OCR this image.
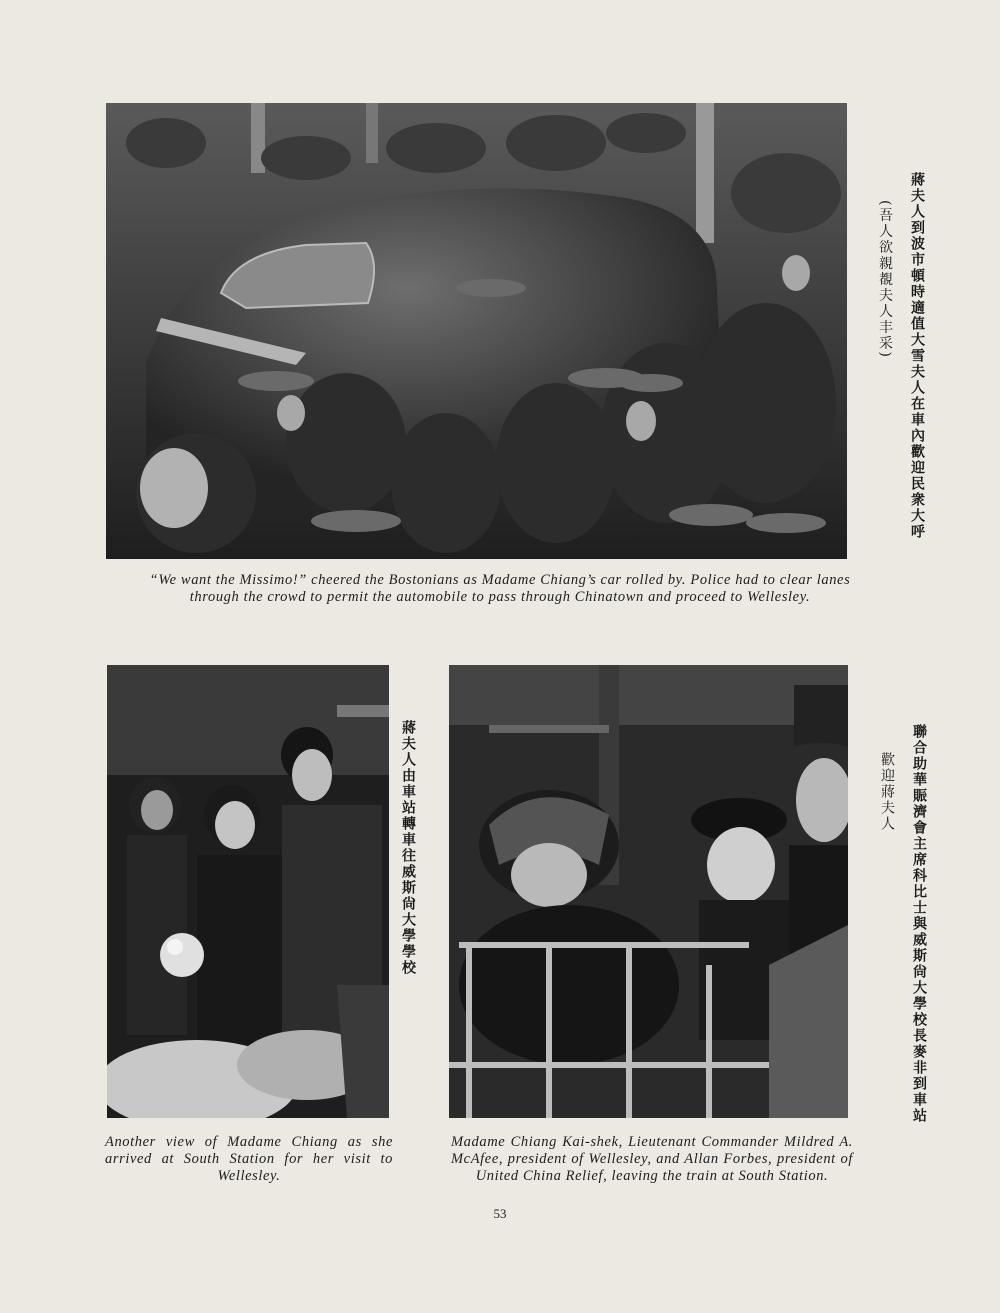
蔣夫人到波市頓時適值大雪夫人在車內歡迎民衆大呼
(吾人欲親覩夫人丰采)
“We want the Missimo!” cheered the Bostonians as Madame Chiang’s car rolled by. Police had to clear lanes
through the crowd to permit the automobile to pass through Chinatown and proceed to Wellesley.
蔣夫人由車站轉車往威斯尙大學學校
Another view of Madame Chiang as she arrived at South Station for her visit to Wellesley.
聯合助華賑濟會主席科比士與威斯尙大學校長麥非到車站
歡迎蔣夫人
Madame Chiang Kai-shek, Lieutenant Commander Mildred A. McAfee, president of Wellesley, and Allan Forbes, president of United China Relief, leaving the train at South Station.
53
